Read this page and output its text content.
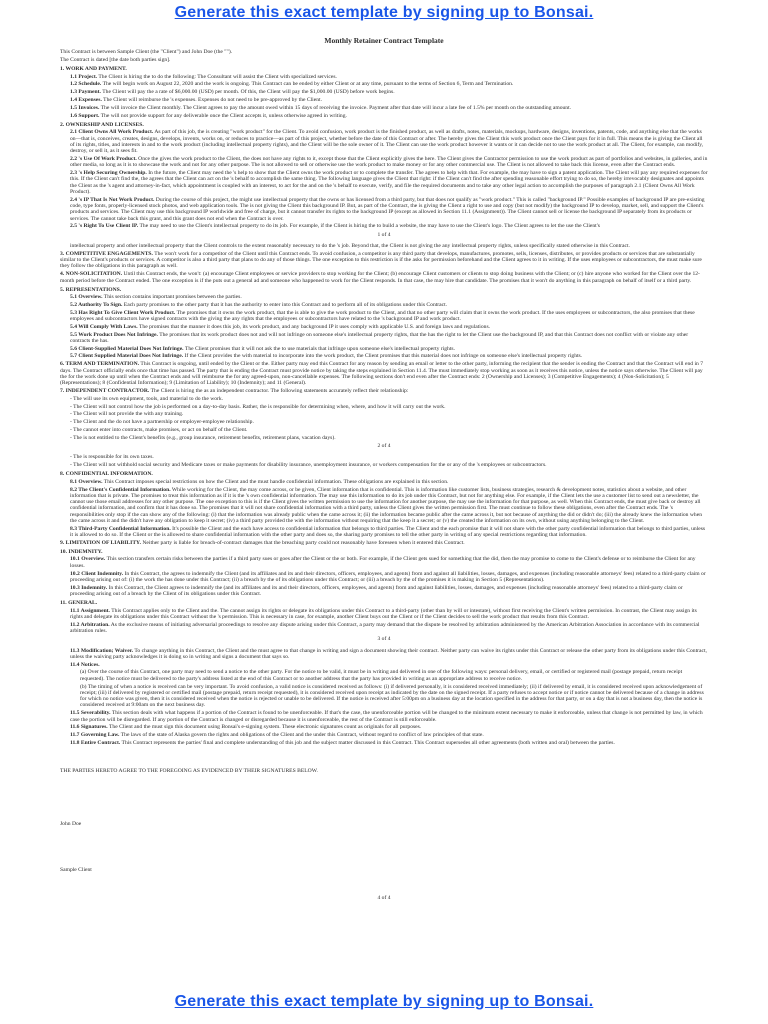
Generate this exact template by signing up to Bonsai.
Monthly Retainer Contract Template

This Contract is between Sample Client (the "Client") and John Doe (the "").

The Contract is dated [the date both parties sign].

1. WORK AND PAYMENT.

1.1 Project. The Client is hiring the to do the following: The Consultant will assist the Client with specialized services.

1.2 Schedule. The will begin work on August 22, 2020 and the work is ongoing. This Contract can be ended by either Client or at any time, pursuant to the terms of Section 6, Term and Termination.

1.3 Payment. The Client will pay the a rate of $6,000.00 (USD) per month. Of this, the Client will pay the $1,000.00 (USD) before work begins.

1.4 Expenses. The Client will reimburse the 's expenses. Expenses do not need to be pre-approved by the Client.

1.5 Invoices. The will invoice the Client monthly. The Client agrees to pay the amount owed within 15 days of receiving the invoice. Payment after that date will incur a late fee of 1.5% per month on the outstanding amount.

1.6 Support. The will not provide support for any deliverable once the Client accepts it, unless otherwise agreed in writing.

2. OWNERSHIP AND LICENSES.

2.1 Client Owns All Work Product. As part of this job, the is creating "work product" for the Client. To avoid confusion, work product is the finished product, as well as drafts, notes, materials, mockups, hardware, designs, inventions, patents, code, and anything else that the works on—that is, conceives, creates, designs, develops, invents, works on, or reduces to practice—as part of this project, whether before the date of this Contract or after. The hereby gives the Client this work product once the Client pays for it in full. This means the is giving the Client all of its rights, titles, and interests in and to the work product (including intellectual property rights), and the Client will be the sole owner of it. The Client can use the work product however it wants or it can decide not to use the work product at all. The Client, for example, can modify, destroy, or sell it, as it sees fit.

2.2 's Use Of Work Product. Once the gives the work product to the Client, the does not have any rights to it, except those that the Client explicitly gives the here. The Client gives the Contractor permission to use the work product as part of portfolios and websites, in galleries, and in other media, so long as it is to showcase the work and not for any other purpose. The is not allowed to sell or otherwise use the work product to make money or for any other commercial use. The Client is not allowed to take back this license, even after the Contract ends.

2.3 's Help Securing Ownership. In the future, the Client may need the 's help to show that the Client owns the work product or to complete the transfer. The agrees to help with that. For example, the may have to sign a patent application. The Client will pay any required expenses for this. If the Client can't find the, the agrees that the Client can act on the 's behalf to accomplish the same thing. The following language gives the Client that right: if the Client can't find the after spending reasonable effort trying to do so, the hereby irrevocably designates and appoints the Client as the 's agent and attorney-in-fact, which appointment is coupled with an interest, to act for the and on the 's behalf to execute, verify, and file the required documents and to take any other legal action to accomplish the purposes of paragraph 2.1 (Client Owns All Work Product).

2.4 's IP That Is Not Work Product. During the course of this project, the might use intellectual property that the owns or has licensed from a third party, but that does not qualify as "work product." This is called "background IP." Possible examples of background IP are pre-existing code, type fonts, properly-licensed stock photos, and web application tools. The is not giving the Client this background IP. But, as part of the Contract, the is giving the Client a right to use and copy (but not modify) the background IP to develop, market, sell, and support the Client's products and services. The Client may use this background IP worldwide and free of charge, but it cannot transfer its rights to the background IP (except as allowed in Section 11.1 (Assignment)). The Client cannot sell or license the background IP separately from its products or services. The cannot take back this grant, and this grant does not end when the Contract is over.

2.5 's Right To Use Client IP. The may need to use the Client's intellectual property to do its job. For example, if the Client is hiring the to build a website, the may have to use the Client's logo. The Client agrees to let the use the Client's

1 of 4

intellectual property and other intellectual property that the Client controls to the extent reasonably necessary to do the 's job. Beyond that, the Client is not giving the any intellectual property rights, unless specifically stated otherwise in this Contract.

3. COMPETITIVE ENGAGEMENTS. The won't work for a competitor of the Client until this Contract ends. To avoid confusion, a competitor is any third party that develops, manufactures, promotes, sells, licenses, distributes, or provides products or services that are substantially similar to the Client's products or services. A competitor is also a third party that plans to do any of those things. The one exception to this restriction is if the asks for permission beforehand and the Client agrees to it in writing. If the uses employees or subcontractors, the must make sure they follow the obligations in this paragraph as well.

4. NON-SOLICITATION. Until this Contract ends, the won't: (a) encourage Client employees or service providers to stop working for the Client; (b) encourage Client customers or clients to stop doing business with the Client; or (c) hire anyone who worked for the Client over the 12-month period before the Contract ended. The one exception is if the puts out a general ad and someone who happened to work for the Client responds. In that case, the may hire that candidate. The promises that it won't do anything in this paragraph on behalf of itself or a third party.

5. REPRESENTATIONS.

5.1 Overview. This section contains important promises between the parties.

5.2 Authority To Sign. Each party promises to the other party that it has the authority to enter into this Contract and to perform all of its obligations under this Contract.

5.3 Has Right To Give Client Work Product. The promises that it owns the work product, that the is able to give the work product to the Client, and that no other party will claim that it owns the work product. If the uses employees or subcontractors, the also promises that these employees and subcontractors have signed contracts with the giving the any rights that the employees or subcontractors have related to the 's background IP and work product.

5.4 Will Comply With Laws. The promises that the manner it does this job, its work product, and any background IP it uses comply with applicable U.S. and foreign laws and regulations.

5.5 Work Product Does Not Infringe. The promises that its work product does not and will not infringe on someone else's intellectual property rights, that the has the right to let the Client use the background IP, and that this Contract does not conflict with or violate any other contracts the has.

5.6 Client-Supplied Material Does Not Infringe. The Client promises that it will not ask the to use materials that infringe upon someone else's intellectual property rights.

5.7 Client Supplied Material Does Not Infringe. If the Client provides the with material to incorporate into the work product, the Client promises that this material does not infringe on someone else's intellectual property rights.

6. TERM AND TERMINATION. This Contract is ongoing, until ended by the Client or the. Either party may end this Contract for any reason by sending an email or letter to the other party, informing the recipient that the sender is ending the Contract and that the Contract will end in 7 days. The Contract officially ends once that time has passed. The party that is ending the Contract must provide notice by taking the steps explained in Section 11.4. The must immediately stop working as soon as it receives this notice, unless the notice says otherwise. The Client will pay the for the work done up until when the Contract ends and will reimburse the for any agreed-upon, non-cancellable expenses. The following sections don't end even after the Contract ends: 2 (Ownership and Licenses); 3 (Competitive Engagements); 4 (Non-Solicitation); 5 (Representations); 8 (Confidential Information); 9 (Limitation of Liability); 10 (Indemnity); and 11 (General).

7. INDEPENDENT CONTRACTOR. The Client is hiring the as an independent contractor. The following statements accurately reflect their relationship:

- The will use its own equipment, tools, and material to do the work.

- The Client will not control how the job is performed on a day-to-day basis. Rather, the is responsible for determining when, where, and how it will carry out the work.

- The Client will not provide the with any training.

- The Client and the do not have a partnership or employer-employee relationship.

- The cannot enter into contracts, make promises, or act on behalf of the Client.

- The is not entitled to the Client's benefits (e.g., group insurance, retirement benefits, retirement plans, vacation days).

2 of 4

- The is responsible for its own taxes.

- The Client will not withhold social security and Medicare taxes or make payments for disability insurance, unemployment insurance, or workers compensation for the or any of the 's employees or subcontractors.

8. CONFIDENTIAL INFORMATION.

8.1 Overview. This Contract imposes special restrictions on how the Client and the must handle confidential information. These obligations are explained in this section.

8.2 The Client's Confidential Information. While working for the Client, the may come across, or be given, Client information that is confidential. This is information like customer lists, business strategies, research & development notes, statistics about a website, and other information that is private. The promises to treat this information as if it is the 's own confidential information. The may use this information to do its job under this Contract, but not for anything else. For example, if the Client lets the use a customer list to send out a newsletter, the cannot use those email addresses for any other purpose. The one exception to this is if the Client gives the written permission to use the information for another purpose, the may use the information for that purpose, as well. When this Contract ends, the must give back or destroy all confidential information, and confirm that it has done so. The promises that it will not share confidential information with a third party, unless the Client gives the written permission first. The must continue to follow these obligations, even after the Contract ends. The 's responsibilities only stop if the can show any of the following: (i) that the information was already public when the came across it; (ii) the information became public after the came across it, but not because of anything the did or didn't do; (iii) the already knew the information when the came across it and the didn't have any obligation to keep it secret; (iv) a third party provided the with the information without requiring that the keep it a secret; or (v) the created the information on its own, without using anything belonging to the Client.

8.3 Third-Party Confidential Information. It's possible the Client and the each have access to confidential information that belongs to third parties. The Client and the each promise that it will not share with the other party confidential information that belongs to third parties, unless it is allowed to do so. If the Client or the is allowed to share confidential information with the other party and does so, the sharing party promises to tell the other party in writing of any special restrictions regarding that information.

9. LIMITATION OF LIABILITY. Neither party is liable for breach-of-contract damages that the breaching party could not reasonably have foreseen when it entered this Contract.

10. INDEMNITY.

10.1 Overview. This section transfers certain risks between the parties if a third party sues or goes after the Client or the or both. For example, if the Client gets sued for something that the did, then the may promise to come to the Client's defense or to reimburse the Client for any losses.

10.2 Client Indemnity. In this Contract, the agrees to indemnify the Client (and its affiliates and its and their directors, officers, employees, and agents) from and against all liabilities, losses, damages, and expenses (including reasonable attorneys' fees) related to a third-party claim or proceeding arising out of: (i) the work the has done under this Contract; (ii) a breach by the of its obligations under this Contract; or (iii) a breach by the of the promises it is making in Section 5 (Representations).

10.3 Indemnity. In this Contract, the Client agrees to indemnify the (and its affiliates and its and their directors, officers, employees, and agents) from and against liabilities, losses, damages, and expenses (including reasonable attorneys' fees) related to a third-party claim or proceeding arising out of a breach by the Client of its obligations under this Contract.

11. GENERAL.

11.1 Assignment. This Contract applies only to the Client and the. The cannot assign its rights or delegate its obligations under this Contract to a third-party (other than by will or intestate), without first receiving the Client's written permission. In contrast, the Client may assign its rights and delegate its obligations under this Contract without the 's permission. This is necessary in case, for example, another Client buys out the Client or if the Client decides to sell the work product that results from this Contract.

11.2 Arbitration. As the exclusive means of initiating adversarial proceedings to resolve any dispute arising under this Contract, a party may demand that the dispute be resolved by arbitration administered by the American Arbitration Association in accordance with its commercial arbitration rules.

3 of 4

11.3 Modification; Waiver. To change anything in this Contract, the Client and the must agree to that change in writing and sign a document showing their contract. Neither party can waive its rights under this Contract or release the other party from its obligations under this Contract, unless the waiving party acknowledges it is doing so in writing and signs a document that says so.

11.4 Notices.

(a) Over the course of this Contract, one party may need to send a notice to the other party. For the notice to be valid, it must be in writing and delivered in one of the following ways: personal delivery, email, or certified or registered mail (postage prepaid, return receipt requested). The notice must be delivered to the party's address listed at the end of this Contract or to another address that the party has provided in writing as an appropriate address to receive notice.

(b) The timing of when a notice is received can be very important. To avoid confusion, a valid notice is considered received as follows: (i) if delivered personally, it is considered received immediately; (ii) if delivered by email, it is considered received upon acknowledgement of receipt; (iii) if delivered by registered or certified mail (postage prepaid, return receipt requested), it is considered received upon receipt as indicated by the date on the signed receipt. If a party refuses to accept notice or if notice cannot be delivered because of a change in address for which no notice was given, then it is considered received when the notice is rejected or unable to be delivered. If the notice is received after 5:00pm on a business day at the location specified in the address for that party, or on a day that is not a business day, then the notice is considered received at 9:00am on the next business day.

11.5 Severability. This section deals with what happens if a portion of the Contract is found to be unenforceable. If that's the case, the unenforceable portion will be changed to the minimum extent necessary to make it enforceable, unless that change is not permitted by law, in which case the portion will be disregarded. If any portion of the Contract is changed or disregarded because it is unenforceable, the rest of the Contract is still enforceable.

11.6 Signatures. The Client and the must sign this document using Bonsai's e-signing system. These electronic signatures count as originals for all purposes.

11.7 Governing Law. The laws of the state of Alaska govern the rights and obligations of the Client and the under this Contract, without regard to conflict of law principles of that state.

11.8 Entire Contract. This Contract represents the parties' final and complete understanding of this job and the subject matter discussed in this Contract. This Contract supersedes all other agreements (both written and oral) between the parties.

THE PARTIES HERETO AGREE TO THE FOREGOING AS EVIDENCED BY THEIR SIGNATURES BELOW.

John Doe

Sample Client

4 of 4
Generate this exact template by signing up to Bonsai.
